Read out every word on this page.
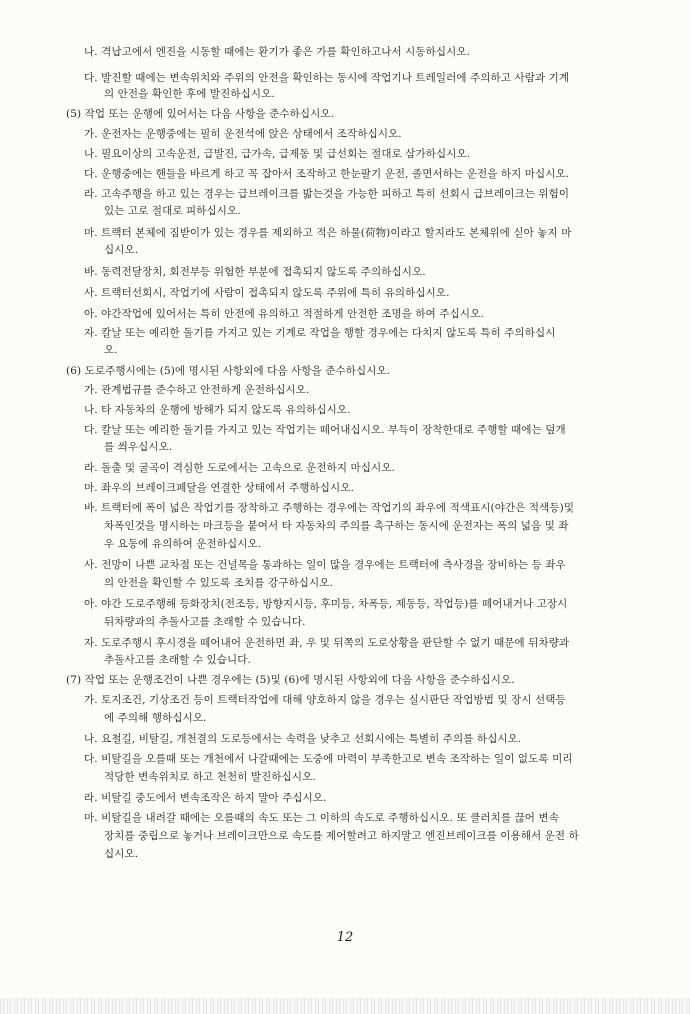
나. 격납고에서 엔진을 시동할 때에는 환기가 좋은 가를 확인하고나서 시동하십시오.

다. 발진할 때에는 변속위치와 주위의 안전을 확인하는 동시에 작업기나 트레일러에 주의하고 사람과 기계

의 안전을 확인한 후에 발진하십시오.

(5) 작업 또는 운행에 있어서는 다음 사항을 준수하십시오.

가. 운전자는 운행중에는 필히 운전석에 앉은 상태에서 조작하십시오.

나. 필요이상의 고속운전, 급발진, 급가속, 급제동 및 급선회는 절대로 삼가하십시오.

다. 운행중에는 핸들을 바르게 하고 꼭 잡아서 조작하고 한눈팔기 운전, 졸면서하는 운전을 하지 마십시오.

라. 고속주행을 하고 있는 경우는 급브레이크를 밟는것을 가능한 피하고 특히 선회시 급브레이크는 위험이

있는 고로 절대로 피하십시오.

마. 트랙터 본체에 짐받이가 있는 경우를 제외하고 적은 하물(荷物)이라고 할지라도 본체위에 싣아 놓지 마

십시오.

바. 동력전달장치, 회전부등 위험한 부분에 접촉되지 않도록 주의하십시오.

사. 트랙터선회시, 작업기에 사람이 접촉되지 않도록 주위에 특히 유의하십시오.

아. 야간작업에 있어서는 특히 안전에 유의하고 적절하게 안전한 조명을 하여 주십시오.

자. 칼날 또는 예리한 돌기를 가지고 있는 기계로 작업을 행할 경우에는 다치지 않도록 특히 주의하십시

오.

(6) 도로주행시에는 (5)에 명시된 사항외에 다음 사항을 준수하십시오.

가. 관계법규를 준수하고 안전하게 운전하십시오.

나. 타 자동차의 운행에 방해가 되지 않도록 유의하십시오.

다. 칼날 또는 예리한 돌기를 가지고 있는 작업기는 떼어내십시오. 부득이 장착한대로 주행할 때에는 덮개

를 씌우십시오.

라. 돌출 및 굴곡이 격심한 도로에서는 고속으로 운전하지 마십시오.

마. 좌우의 브레이크페달을 연결한 상태에서 주행하십시오.

바. 트랙터에 폭이 넓은 작업기를 장착하고 주행하는 경우에는 작업기의 좌우에 적색표시(야간은 적색등)및

차폭인것을 명시하는 마크등을 붙여서 타 자동차의 주의를 촉구하는 동시에 운전자는 폭의 넓음 및 좌

우 요동에 유의하여 운전하십시오.

사. 전망이 나쁜 교차점 또는 건널목을 통과하는 일이 많을 경우에는 트랙터에 측사경을 장비하는 등 좌우

의 안전을 확인할 수 있도록 조치를 강구하십시오.

아. 야간 도로주행해 등화장치(전조등, 방향지시등, 후미등, 차폭등, 제동등, 작업등)를 떼어내거나 고장시

뒤차량과의 추돌사고를 초래할 수 있습니다.

자. 도로주행시 후시경을 떼어내어 운전하면 좌, 우 및 뒤쪽의 도로상황을 판단할 수 없기 때문에 뒤차량과

추돌사고를 초래할 수 있습니다.

(7) 작업 또는 운행조건이 나쁜 경우에는 (5)및 (6)에 명시된 사항외에 다음 사항을 준수하십시오.

가. 토지조건, 기상조건 등이 트랙터작업에 대해 양호하지 않을 경우는 실시판단 작업방법 및 장시 선택등

에 주의해 행하십시오.

나. 요철길, 비탈길, 개천결의 도로등에서는 속력을 낮추고 선회시에는 특별히 주의를 하십시오.

다. 비탈길을 오를때 또는 개천에서 나갈때에는 도중에 마력이 부족한고로 변속 조작하는 일이 없도록 미리

적당한 변속위치로 하고 천천히 발진하십시오.

라. 비탈길 중도에서 변속조작은 하지 말아 주십시오.

마. 비탈길을 내려갈 때에는 오를때의 속도 또는 그 이하의 속도로 주행하십시오. 또 클러치를 끊어 변속

장치를 중립으로 놓거나 브레이크만으로 속도를 제어할려고 하지말고 엔진브레이크를 이용해서 운전 하

십시오.

12
